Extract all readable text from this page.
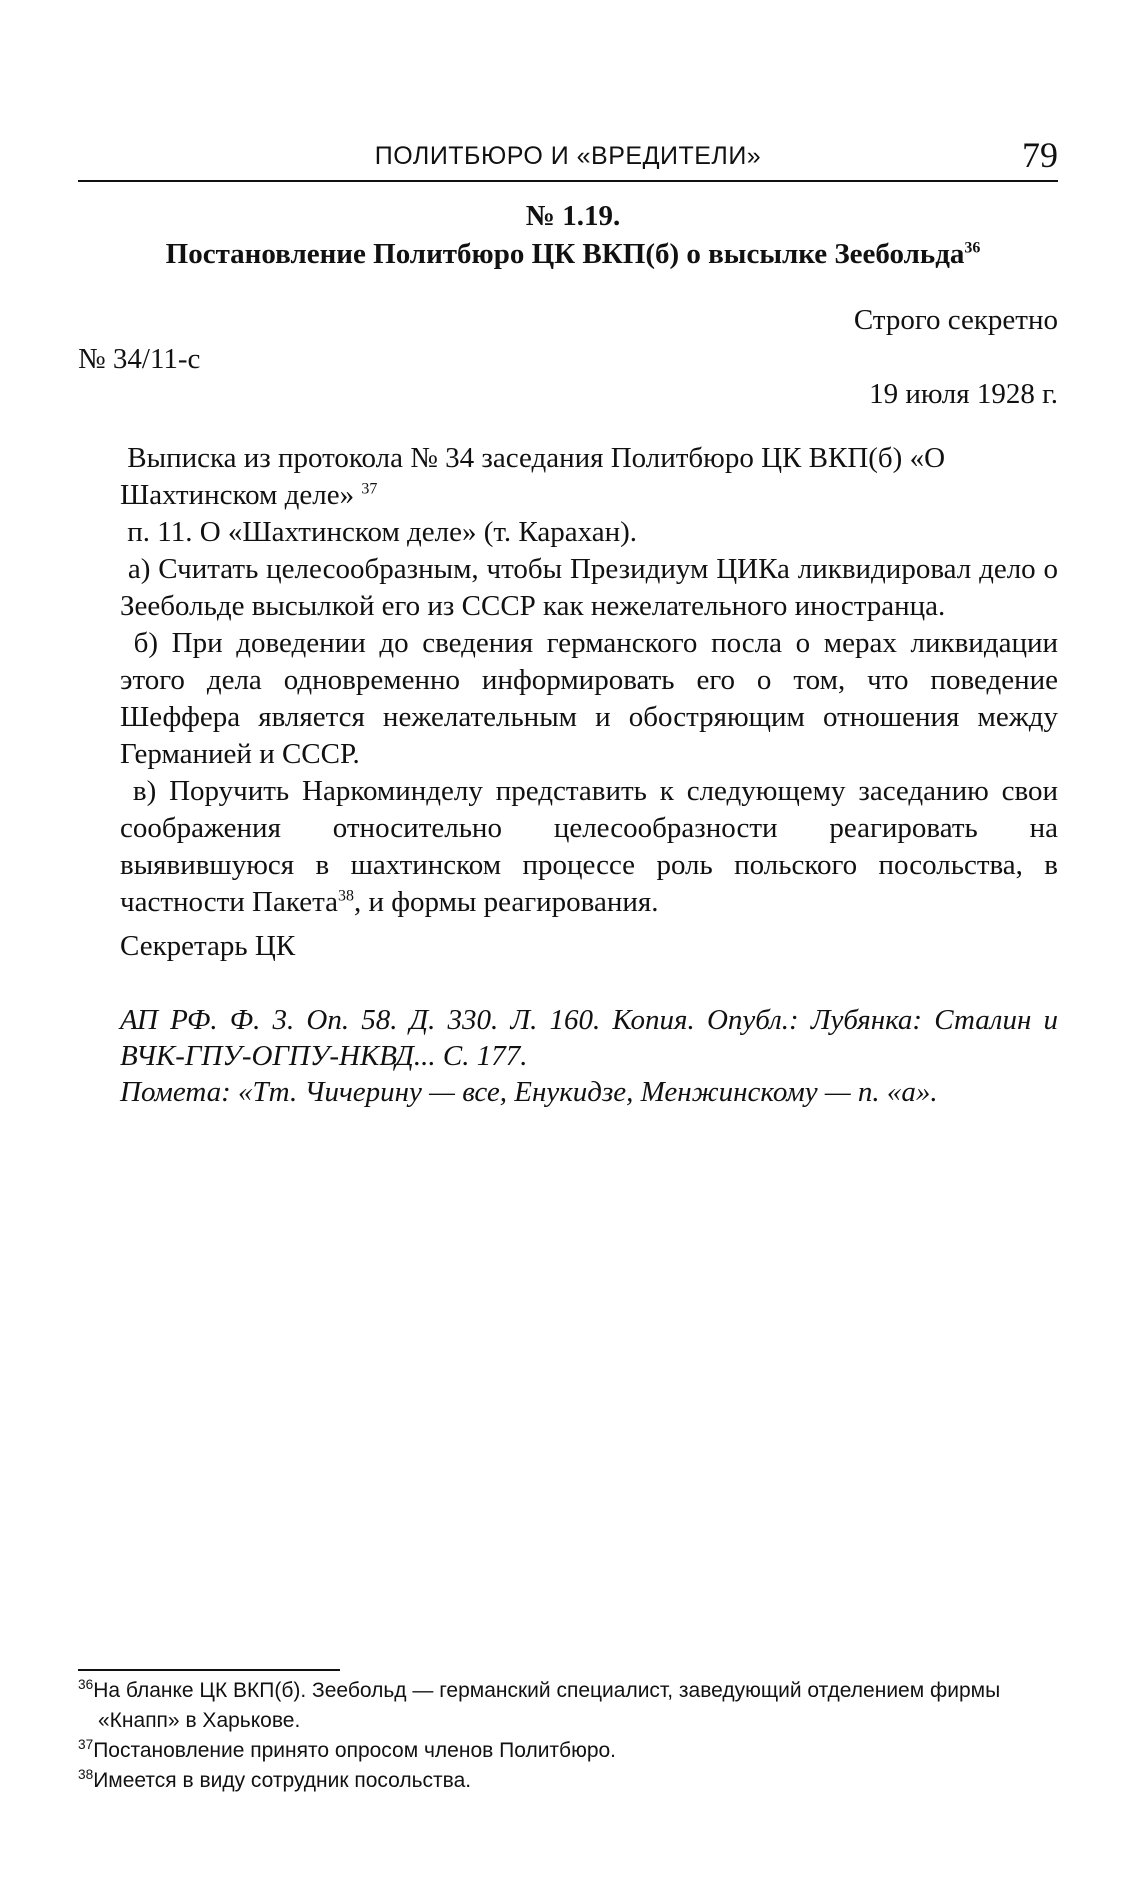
ПОЛИТБЮРО И «ВРЕДИТЕЛИ»	79
№ 1.19.
Постановление Политбюро ЦК ВКП(б) о высылке Зеебольда$^{36}$
Строго секретно
№ 34/11-с
19 июля 1928 г.

Выписка из протокола № 34 заседания Политбюро ЦК ВКП(б) «О Шахтинском деле» $^{37}$

п. 11. О «Шахтинском деле» (т. Карахан).

а) Считать целесообразным, чтобы Президиум ЦИКа ликвидировал дело о Зеебольде высылкой его из СССР как нежелательного иностранца.

б) При доведении до сведения германского посла о мерах ликвидации этого дела одновременно информировать его о том, что поведение Шеффера является нежелательным и обостряющим отношения между Германией и СССР.

в) Поручить Наркоминделу представить к следующему заседанию свои соображения относительно целесообразности реагировать на выявившуюся в шахтинском процессе роль польского посольства, в частности Пакета$^{38}$, и формы реагирования.

Секретарь ЦК
АП РФ. Ф. 3. Оп. 58. Д. 330. Л. 160. Копия. Опубл.: Лубянка: Сталин и ВЧК-ГПУ-ОГПУ-НКВД... С. 177.
Помета: «Тт. Чичерину — все, Енукидзе, Менжинскому — п. «а».

$^{36}$На бланке ЦК ВКП(б). Зеебольд — германский специалист, заведующий отделением фирмы

«Кнапп» в Харькове.

$^{37}$Постановление принято опросом членов Политбюро.

$^{38}$Имеется в виду сотрудник посольства.
